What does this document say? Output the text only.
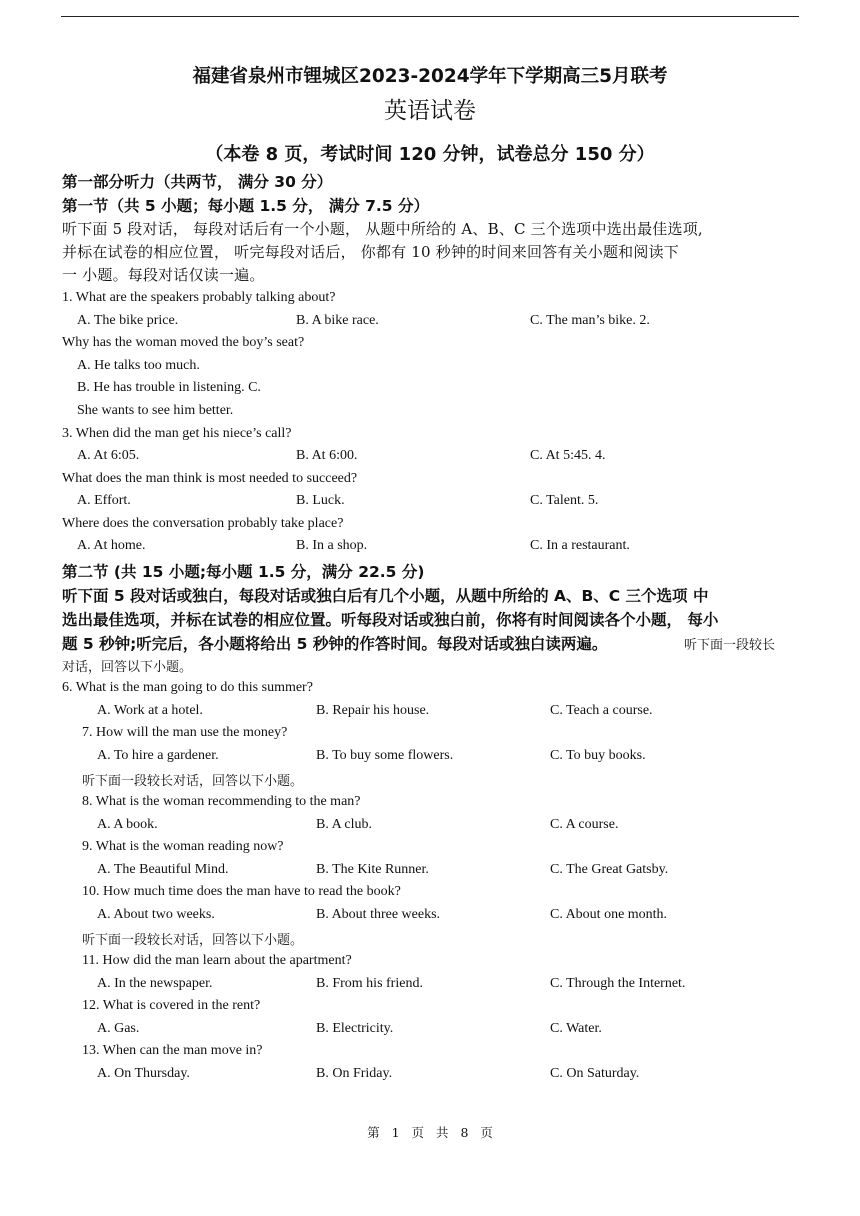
福建省泉州市锂城区2023-2024学年下学期高三5月联考
英语试卷
（本卷 8 页，考试时间 120 分钟，试卷总分 150 分）
第一部分听力（共两节， 满分 30 分）
第一节（共 5 小题；每小题 1.5 分， 满分 7.5 分）
听下面 5 段对话， 每段对话后有一个小题， 从题中所给的 A、B、C 三个选项中选出最佳选项,
并标在试卷的相应位置， 听完每段对话后， 你都有 10 秒钟的时间来回答有关小题和阅读下
一 小题。每段对话仅读一遍。
1. What are the speakers probably talking about?
A. The bike price.	B. A bike race.	C. The man’s bike. 2.
Why has the woman moved the boy’s seat?
A. He talks too much.
B. He has trouble in listening. C.
She wants to see him better.
3. When did the man get his niece’s call?
A. At 6:05.	B. At 6:00.	C. At 5:45. 4.
What does the man think is most needed to succeed?
A. Effort.	B. Luck.	C. Talent. 5.
Where does the conversation probably take place?
A. At home.	B. In a shop.	C. In a restaurant.
第二节 (共 15 小题;每小题 1.5 分，满分 22.5 分)
听下面 5 段对话或独白，每段对话或独白后有几个小题，从题中所给的 A、B、C 三个选项 中
选出最佳选项，并标在试卷的相应位置。听每段对话或独白前，你将有时间阅读各个小题， 每小
题 5 秒钟;听完后，各小题将给出 5 秒钟的作答时间。每段对话或独白读两遍。	听下面一段较长
对话，回答以下小题。
6. What is the man going to do this summer?
A. Work at a hotel.	B. Repair his house.	C. Teach a course.
7. How will the man use the money?
A. To hire a gardener.	B. To buy some flowers.	C. To buy books.
听下面一段较长对话，回答以下小题。
8. What is the woman recommending to the man?
A. A book.	B. A club.	C. A course.
9. What is the woman reading now?
A. The Beautiful Mind.	B. The Kite Runner.	C. The Great Gatsby.
10. How much time does the man have to read the book?
A. About two weeks.	B. About three weeks.	C. About one month.
听下面一段较长对话，回答以下小题。
11. How did the man learn about the apartment?
A. In the newspaper.	B. From his friend.	C. Through the Internet.
12. What is covered in the rent?
A. Gas.	B. Electricity.	C. Water.
13. When can the man move in?
A. On Thursday.	B. On Friday.	C. On Saturday.
第 1 页 共 8 页
